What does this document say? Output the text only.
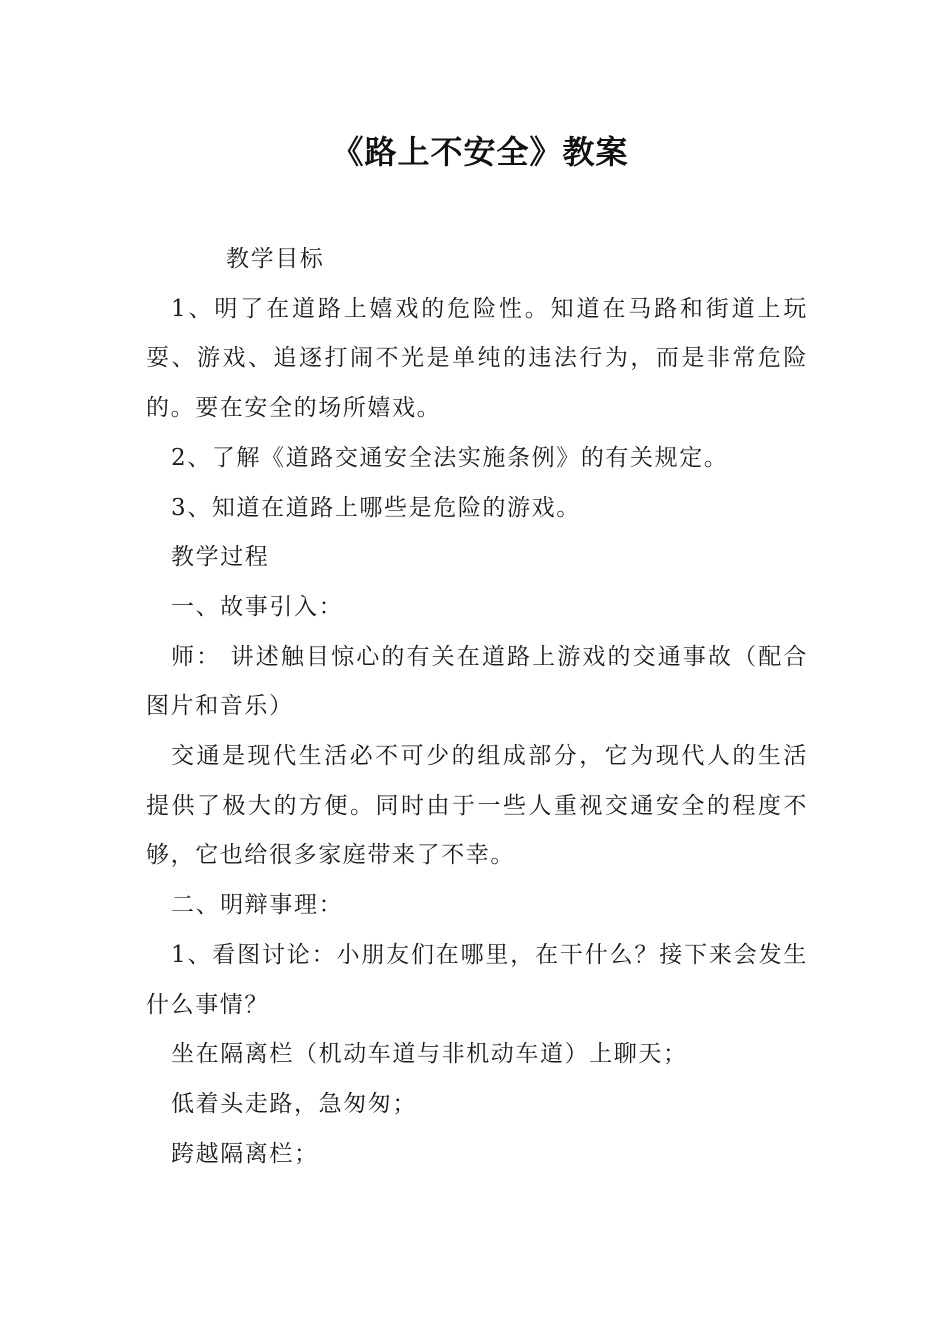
《路上不安全》教案

教学目标

1、明了在道路上嬉戏的危险性。知道在马路和街道上玩耍、游戏、追逐打闹不光是单纯的违法行为，而是非常危险的。要在安全的场所嬉戏。

2、了解《道路交通安全法实施条例》的有关规定。

3、知道在道路上哪些是危险的游戏。

教学过程

一、故事引入：

师： 讲述触目惊心的有关在道路上游戏的交通事故（配合图片和音乐）

交通是现代生活必不可少的组成部分，它为现代人的生活提供了极大的方便。同时由于一些人重视交通安全的程度不够，它也给很多家庭带来了不幸。

二、明辩事理：

1、看图讨论：小朋友们在哪里，在干什么？接下来会发生什么事情？

坐在隔离栏（机动车道与非机动车道）上聊天；

低着头走路，急匆匆；

跨越隔离栏；
